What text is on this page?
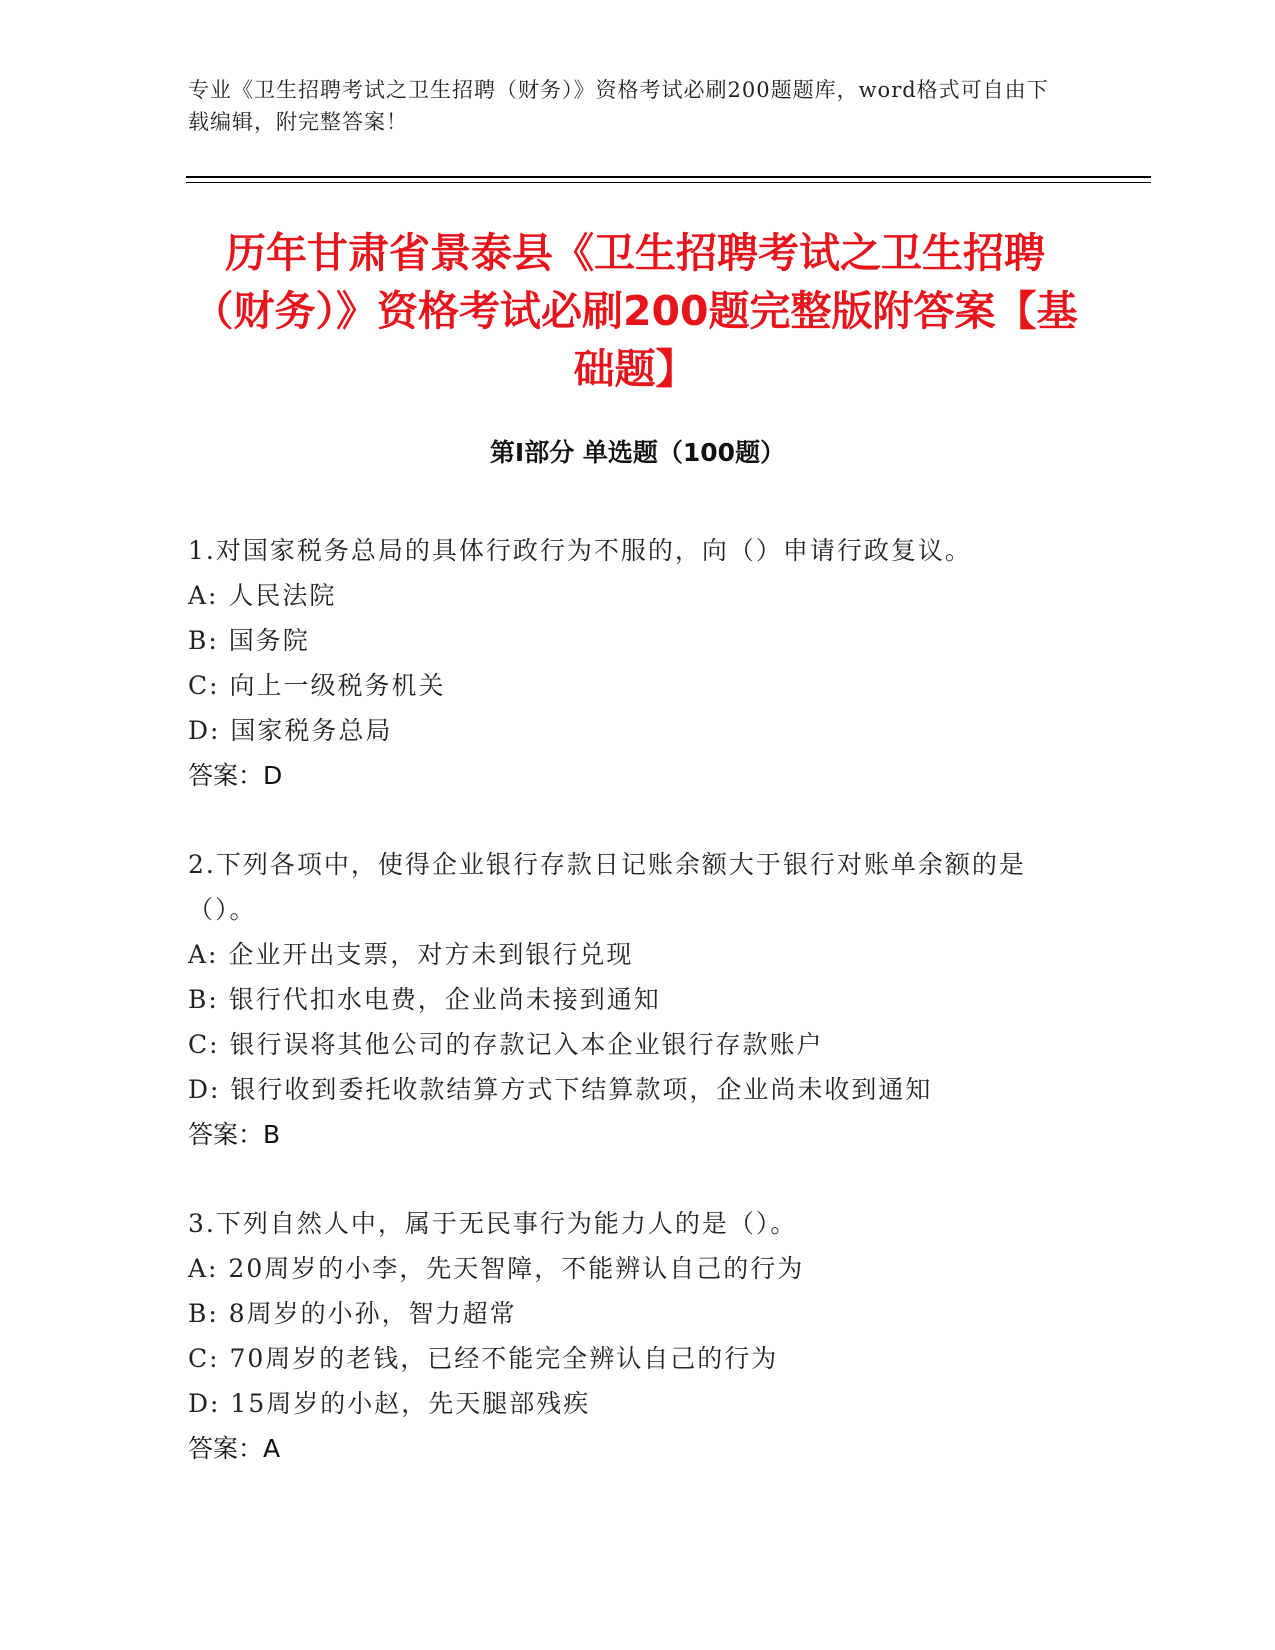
专业《卫生招聘考试之卫生招聘（财务）》资格考试必刷200题题库，word格式可自由下载编辑，附完整答案！
历年甘肃省景泰县《卫生招聘考试之卫生招聘（财务）》资格考试必刷200题完整版附答案【基础题】
第I部分 单选题（100题）

1.对国家税务总局的具体行政行为不服的，向（）申请行政复议。

A: 人民法院

B: 国务院

C: 向上一级税务机关

D: 国家税务总局

答案：D

2.下列各项中，使得企业银行存款日记账余额大于银行对账单余额的是（）。

A: 企业开出支票，对方未到银行兑现

B: 银行代扣水电费，企业尚未接到通知

C: 银行误将其他公司的存款记入本企业银行存款账户

D: 银行收到委托收款结算方式下结算款项，企业尚未收到通知

答案：B

3.下列自然人中，属于无民事行为能力人的是（）。

A: 20周岁的小李，先天智障，不能辨认自己的行为

B: 8周岁的小孙，智力超常

C: 70周岁的老钱，已经不能完全辨认自己的行为

D: 15周岁的小赵，先天腿部残疾

答案：A
